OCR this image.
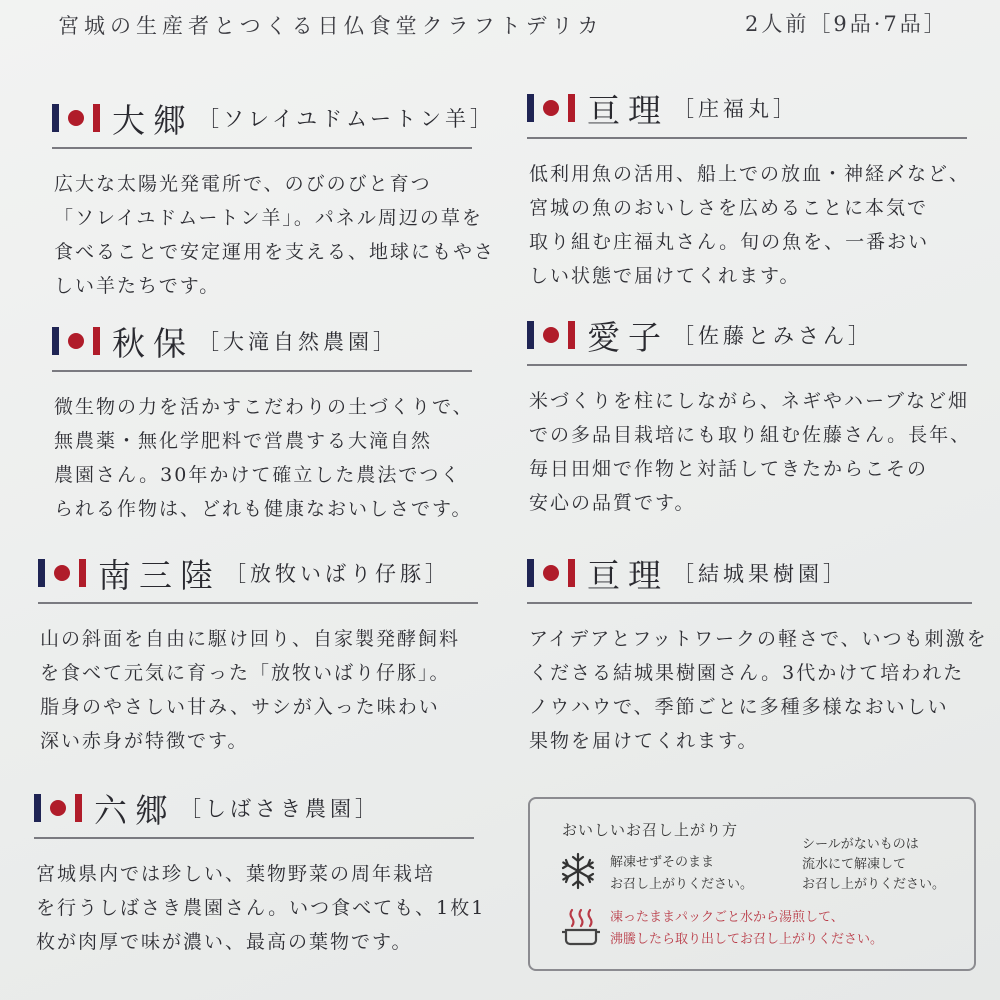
宮城の生産者とつくる日仏食堂クラフトデリカ	2人前［9品·7品］
大郷 ［ソレイユドムートン羊］
広大な太陽光発電所で、のびのびと育つ
「ソレイユドムートン羊」。パネル周辺の草を
食べることで安定運用を支える、地球にもやさ
しい羊たちです。
亘理 ［庄福丸］
低利用魚の活用、船上での放血・神経〆など、
宮城の魚のおいしさを広めることに本気で
取り組む庄福丸さん。旬の魚を、一番おい
しい状態で届けてくれます。
秋保 ［大滝自然農園］
微生物の力を活かすこだわりの土づくりで、
無農薬・無化学肥料で営農する大滝自然
農園さん。30年かけて確立した農法でつく
られる作物は、どれも健康なおいしさです。
愛子 ［佐藤とみさん］
米づくりを柱にしながら、ネギやハーブなど畑
での多品目栽培にも取り組む佐藤さん。長年、
毎日田畑で作物と対話してきたからこその
安心の品質です。
南三陸 ［放牧いばり仔豚］
山の斜面を自由に駆け回り、自家製発酵飼料
を食べて元気に育った「放牧いばり仔豚」。
脂身のやさしい甘み、サシが入った味わい
深い赤身が特徴です。
亘理 ［結城果樹園］
アイデアとフットワークの軽さで、いつも刺激を
くださる結城果樹園さん。3代かけて培われた
ノウハウで、季節ごとに多種多様なおいしい
果物を届けてくれます。
六郷 ［しばさき農園］
宮城県内では珍しい、葉物野菜の周年栽培
を行うしばさき農園さん。いつ食べても、1枚1
枚が肉厚で味が濃い、最高の葉物です。
おいしいお召し上がり方
解凍せずそのまま
お召し上がりください。
シールがないものは
流水にて解凍して
お召し上がりください。
凍ったままパックごと水から湯煎して、
沸騰したら取り出してお召し上がりください。
